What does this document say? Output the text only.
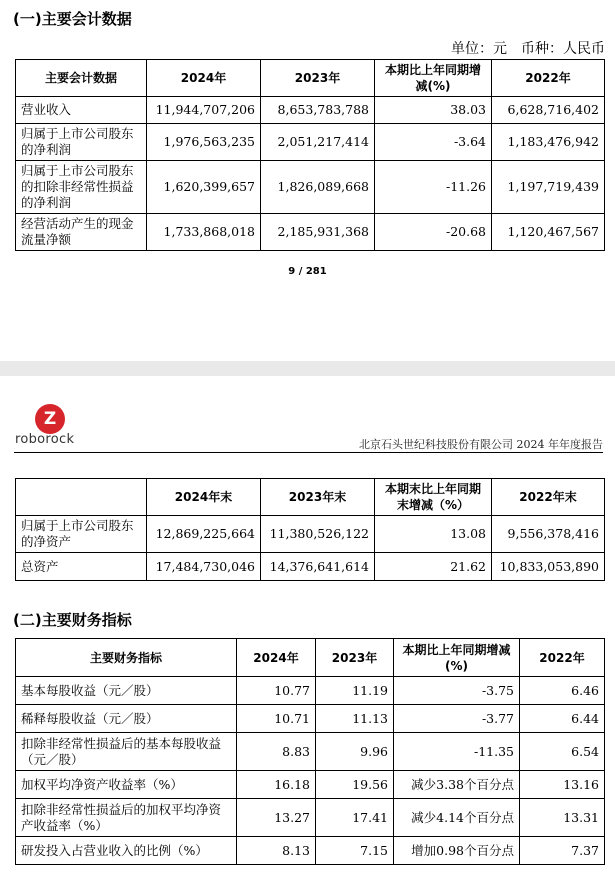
(一)主要会计数据
单位：元　币种：人民币
主要会计数据	2024年	2023年	本期比上年同期增减(%)	2022年
营业收入	11,944,707,206	8,653,783,788	38.03	6,628,716,402
归属于上市公司股东的净利润	1,976,563,235	2,051,217,414	-3.64	1,183,476,942
归属于上市公司股东的扣除非经常性损益的净利润	1,620,399,657	1,826,089,668	-11.26	1,197,719,439
经营活动产生的现金流量净额	1,733,868,018	2,185,931,368	-20.68	1,120,467,567
9 / 281
Z
roborock	北京石头世纪科技股份有限公司 2024 年年度报告
	2024年末	2023年末	本期末比上年同期末增减（%）	2022年末
归属于上市公司股东的净资产	12,869,225,664	11,380,526,122	13.08	9,556,378,416
总资产	17,484,730,046	14,376,641,614	21.62	10,833,053,890
(二)主要财务指标
主要财务指标	2024年	2023年	本期比上年同期增减(%)	2022年
基本每股收益（元／股）	10.77	11.19	-3.75	6.46
稀释每股收益（元／股）	10.71	11.13	-3.77	6.44
扣除非经常性损益后的基本每股收益（元／股）	8.83	9.96	-11.35	6.54
加权平均净资产收益率（%）	16.18	19.56	减少3.38个百分点	13.16
扣除非经常性损益后的加权平均净资产收益率（%）	13.27	17.41	减少4.14个百分点	13.31
研发投入占营业收入的比例（%）	8.13	7.15	增加0.98个百分点	7.37
